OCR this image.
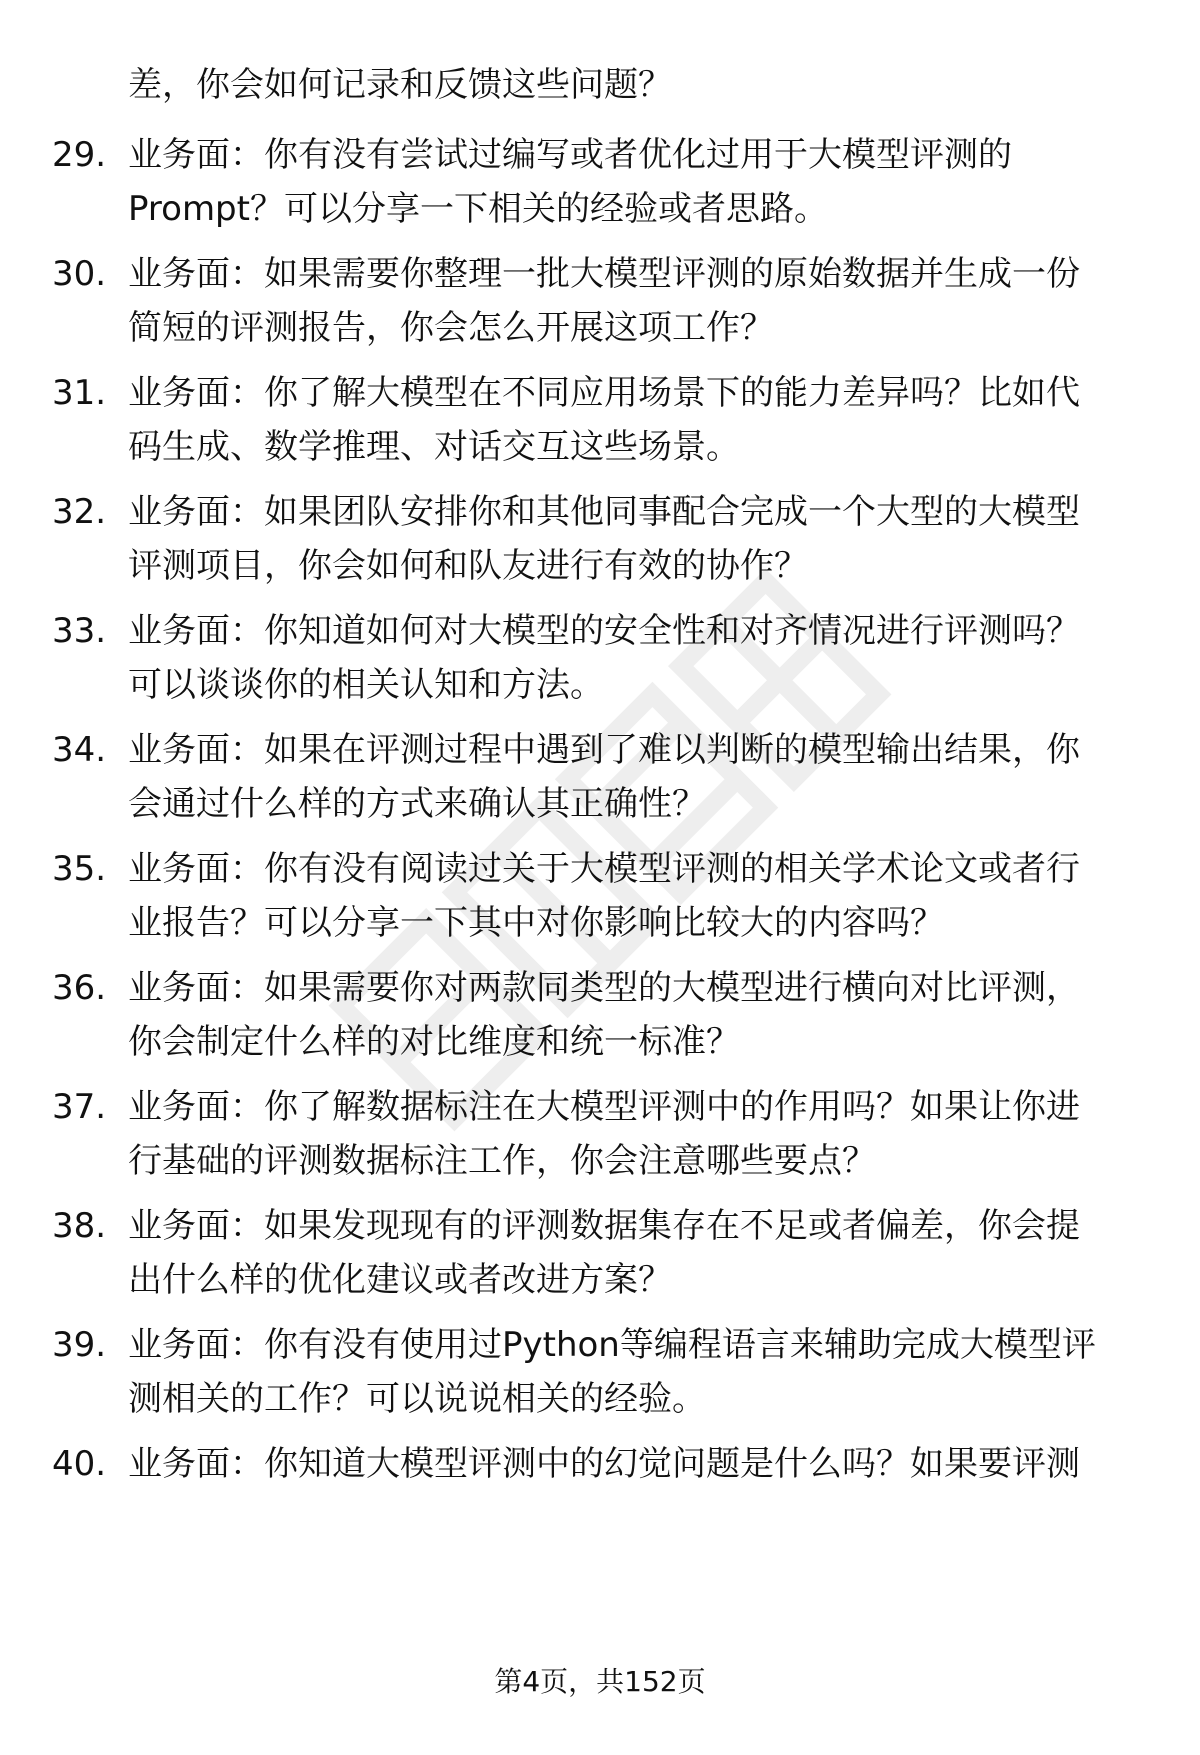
差，你会如何记录和反馈这些问题？
29. 业务面：你有没有尝试过编写或者优化过用于大模型评测的
Prompt？可以分享一下相关的经验或者思路。
30. 业务面：如果需要你整理一批大模型评测的原始数据并生成一份
简短的评测报告，你会怎么开展这项工作？
31. 业务面：你了解大模型在不同应用场景下的能力差异吗？比如代
码生成、数学推理、对话交互这些场景。
32. 业务面：如果团队安排你和其他同事配合完成一个大型的大模型
评测项目，你会如何和队友进行有效的协作？
33. 业务面：你知道如何对大模型的安全性和对齐情况进行评测吗？
可以谈谈你的相关认知和方法。
34. 业务面：如果在评测过程中遇到了难以判断的模型输出结果，你
会通过什么样的方式来确认其正确性？
35. 业务面：你有没有阅读过关于大模型评测的相关学术论文或者行
业报告？可以分享一下其中对你影响比较大的内容吗？
36. 业务面：如果需要你对两款同类型的大模型进行横向对比评测，
你会制定什么样的对比维度和统一标准？
37. 业务面：你了解数据标注在大模型评测中的作用吗？如果让你进
行基础的评测数据标注工作，你会注意哪些要点？
38. 业务面：如果发现现有的评测数据集存在不足或者偏差，你会提
出什么样的优化建议或者改进方案？
39. 业务面：你有没有使用过Python等编程语言来辅助完成大模型评
测相关的工作？可以说说相关的经验。
40. 业务面：你知道大模型评测中的幻觉问题是什么吗？如果要评测
第4页，共152页
